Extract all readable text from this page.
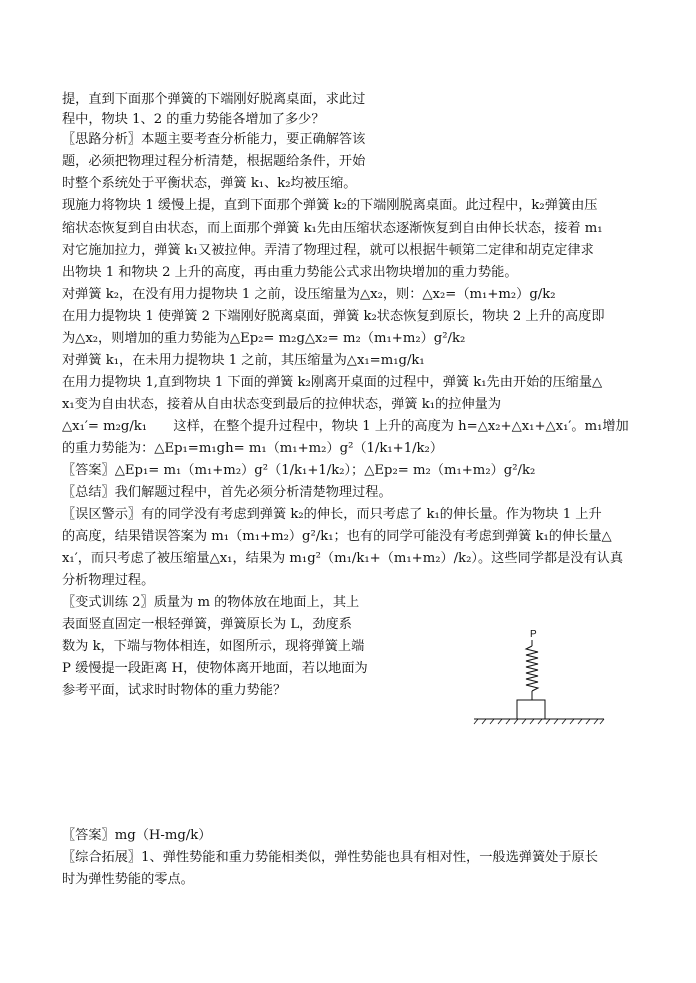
提，直到下面那个弹簧的下端刚好脱离桌面，求此过
程中，物块 1、2 的重力势能各增加了多少？
〖思路分析〗本题主要考查分析能力，要正确解答该
题，必须把物理过程分析清楚，根据题给条件，开始
时整个系统处于平衡状态，弹簧 k₁、k₂均被压缩。
现施力将物块 1 缓慢上提，直到下面那个弹簧 k₂的下端刚脱离桌面。此过程中，k₂弹簧由压
缩状态恢复到自由状态，而上面那个弹簧 k₁先由压缩状态逐渐恢复到自由伸长状态，接着 m₁
对它施加拉力，弹簧 k₁又被拉伸。弄清了物理过程，就可以根据牛顿第二定律和胡克定律求
出物块 1 和物块 2 上升的高度，再由重力势能公式求出物块增加的重力势能。
对弹簧 k₂，在没有用力提物块 1 之前，设压缩量为△x₂，则：△x₂=（m₁+m₂）g/k₂
在用力提物块 1 使弹簧 2 下端刚好脱离桌面，弹簧 k₂状态恢复到原长，物块 2 上升的高度即
为△x₂，则增加的重力势能为△Ep₂= m₂g△x₂= m₂（m₁+m₂）g²/k₂
对弹簧 k₁，在未用力提物块 1 之前，其压缩量为△x₁=m₁g/k₁
在用力提物块 1,直到物块 1 下面的弹簧 k₂刚离开桌面的过程中，弹簧 k₁先由开始的压缩量△
x₁变为自由状态，接着从自由状态变到最后的拉伸状态，弹簧 k₁的拉伸量为
△x₁′= m₂g/k₁　　这样，在整个提升过程中，物块 1 上升的高度为 h=△x₂+△x₁+△x₁′。m₁增加
的重力势能为：△Ep₁=m₁gh= m₁（m₁+m₂）g²（1/k₁+1/k₂）
〖答案〗△Ep₁= m₁（m₁+m₂）g²（1/k₁+1/k₂）；△Ep₂= m₂（m₁+m₂）g²/k₂
〖总结〗我们解题过程中，首先必须分析清楚物理过程。
〖误区警示〗有的同学没有考虑到弹簧 k₂的伸长，而只考虑了 k₁的伸长量。作为物块 1 上升
的高度，结果错误答案为 m₁（m₁+m₂）g²/k₁；也有的同学可能没有考虑到弹簧 k₁的伸长量△
x₁′，而只考虑了被压缩量△x₁，结果为 m₁g²（m₁/k₁+（m₁+m₂）/k₂）。这些同学都是没有认真
分析物理过程。
〖变式训练 2〗质量为 m 的物体放在地面上，其上
表面竖直固定一根轻弹簧，弹簧原长为 L，劲度系
数为 k，下端与物体相连，如图所示，现将弹簧上端
P 缓慢提一段距离 H，使物体离开地面，若以地面为
参考平面，试求时时物体的重力势能？
〖答案〗mg（H-mg/k）
〖综合拓展〗1、弹性势能和重力势能相类似，弹性势能也具有相对性，一般选弹簧处于原长
时为弹性势能的零点。
P
